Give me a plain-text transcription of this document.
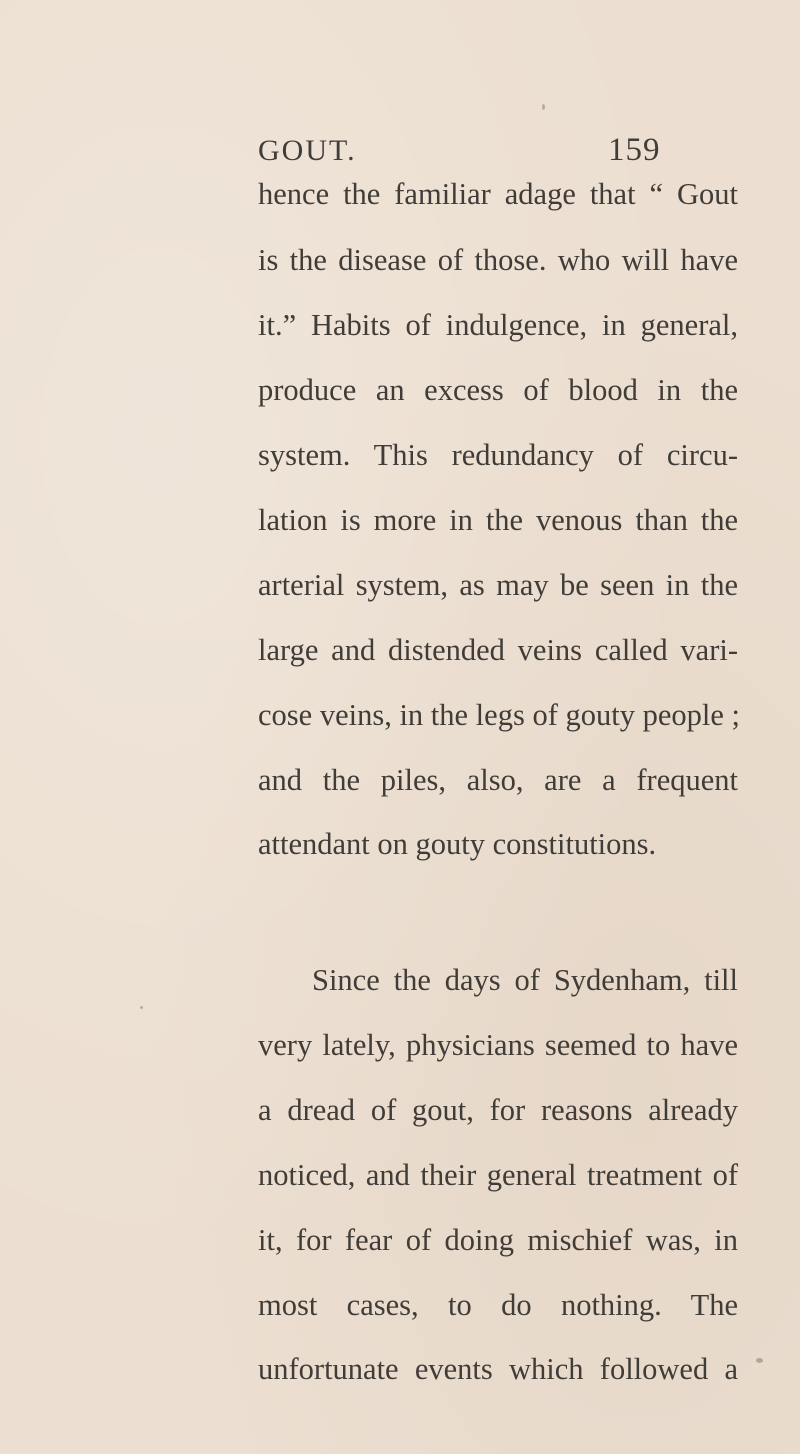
GOUT.	159
hence the familiar adage that “ Gout
is the disease of those. who will have
it.” Habits of indulgence, in general,
produce an excess of blood in the
system. This redundancy of circu-
lation is more in the venous than the
arterial system, as may be seen in the
large and distended veins called vari-
cose veins, in the legs of gouty people ;
and the piles, also, are a frequent
attendant on gouty constitutions.
Since the days of Sydenham, till
very lately, physicians seemed to have
a dread of gout, for reasons already
noticed, and their general treatment of
it, for fear of doing mischief was, in
most cases, to do nothing. The
unfortunate events which followed a
